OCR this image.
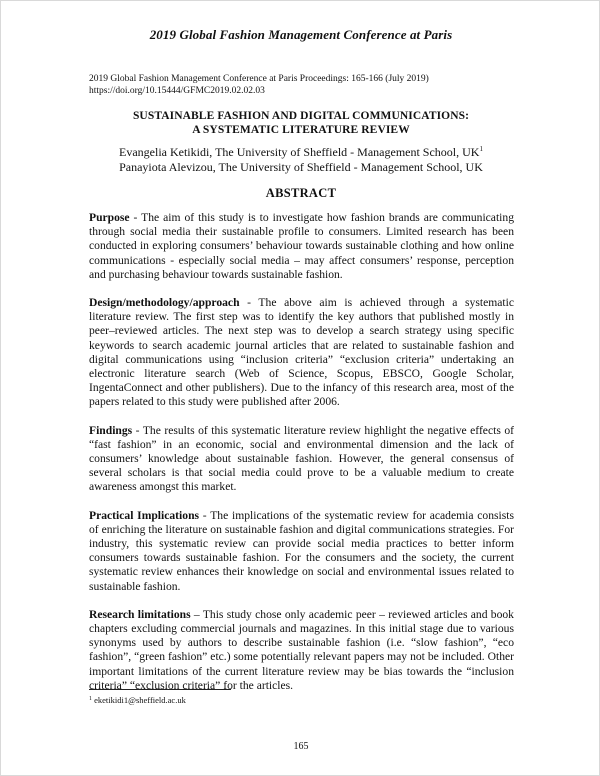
2019 Global Fashion Management Conference at Paris
2019 Global Fashion Management Conference at Paris Proceedings: 165-166 (July 2019)
https://doi.org/10.15444/GFMC2019.02.02.03
SUSTAINABLE FASHION AND DIGITAL COMMUNICATIONS:
A SYSTEMATIC LITERATURE REVIEW
Evangelia Ketikidi, The University of Sheffield - Management School, $UK^1$
Panayiota Alevizou, The University of Sheffield - Management School, UK
ABSTRACT

Purpose - The aim of this study is to investigate how fashion brands are communicating through social media their sustainable profile to consumers. Limited research has been conducted in exploring consumers’ behaviour towards sustainable clothing and how online communications - especially social media – may affect consumers’ response, perception and purchasing behaviour towards sustainable fashion.

Design/methodology/approach - The above aim is achieved through a systematic literature review. The first step was to identify the key authors that published mostly in peer–reviewed articles. The next step was to develop a search strategy using specific keywords to search academic journal articles that are related to sustainable fashion and digital communications using “inclusion criteria” “exclusion criteria” undertaking an electronic literature search (Web of Science, Scopus, EBSCO, Google Scholar, IngentaConnect and other publishers). Due to the infancy of this research area, most of the papers related to this study were published after 2006.

Findings - The results of this systematic literature review highlight the negative effects of “fast fashion” in an economic, social and environmental dimension and the lack of consumers’ knowledge about sustainable fashion. However, the general consensus of several scholars is that social media could prove to be a valuable medium to create awareness amongst this market.

Practical Implications - The implications of the systematic review for academia consists of enriching the literature on sustainable fashion and digital communications strategies. For industry, this systematic review can provide social media practices to better inform consumers towards sustainable fashion. For the consumers and the society, the current systematic review enhances their knowledge on social and environmental issues related to sustainable fashion.

Research limitations – This study chose only academic peer – reviewed articles and book chapters excluding commercial journals and magazines. In this initial stage due to various synonyms used by authors to describe sustainable fashion (i.e. “slow fashion”, “eco fashion”, “green fashion” etc.) some potentially relevant papers may not be included. Other important limitations of the current literature review may be bias towards the “inclusion criteria” “exclusion criteria” for the articles.

$^1$ eketikidi1@sheffield.ac.uk
165
